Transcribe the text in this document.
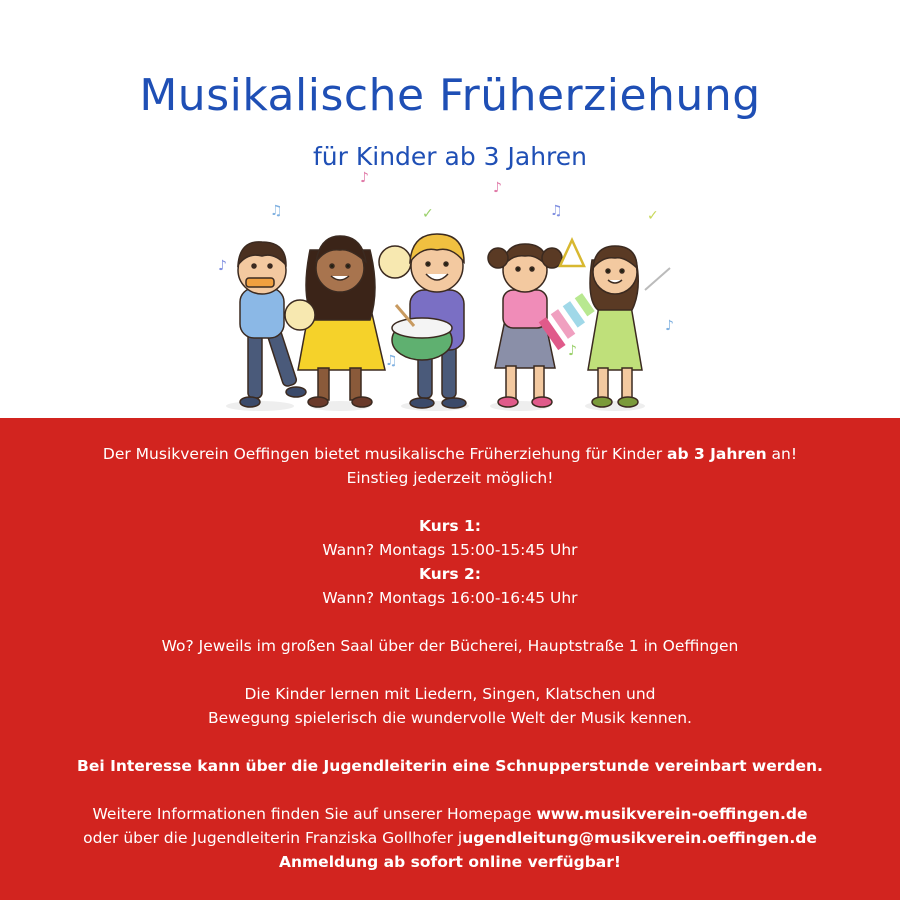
Musikalische Früherziehung
für Kinder ab 3 Jahren
♫
♪
✓
♪
♫	✓
♪
♪
♫
♪

Der Musikverein Oeffingen bietet musikalische Früherziehung für Kinder ab 3 Jahren an!

Einstieg jederzeit möglich!

Kurs 1:

Wann? Montags 15:00-15:45 Uhr

Kurs 2:

Wann? Montags 16:00-16:45 Uhr

Wo? Jeweils im großen Saal über der Bücherei, Hauptstraße 1 in Oeffingen

Die Kinder lernen mit Liedern, Singen, Klatschen und

Bewegung spielerisch die wundervolle Welt der Musik kennen.

Bei Interesse kann über die Jugendleiterin eine Schnupperstunde vereinbart werden.

Weitere Informationen finden Sie auf unserer Homepage www.musikverein-oeffingen.de

oder über die Jugendleiterin Franziska Gollhofer jugendleitung@musikverein.oeffingen.de

Anmeldung ab sofort online verfügbar!
